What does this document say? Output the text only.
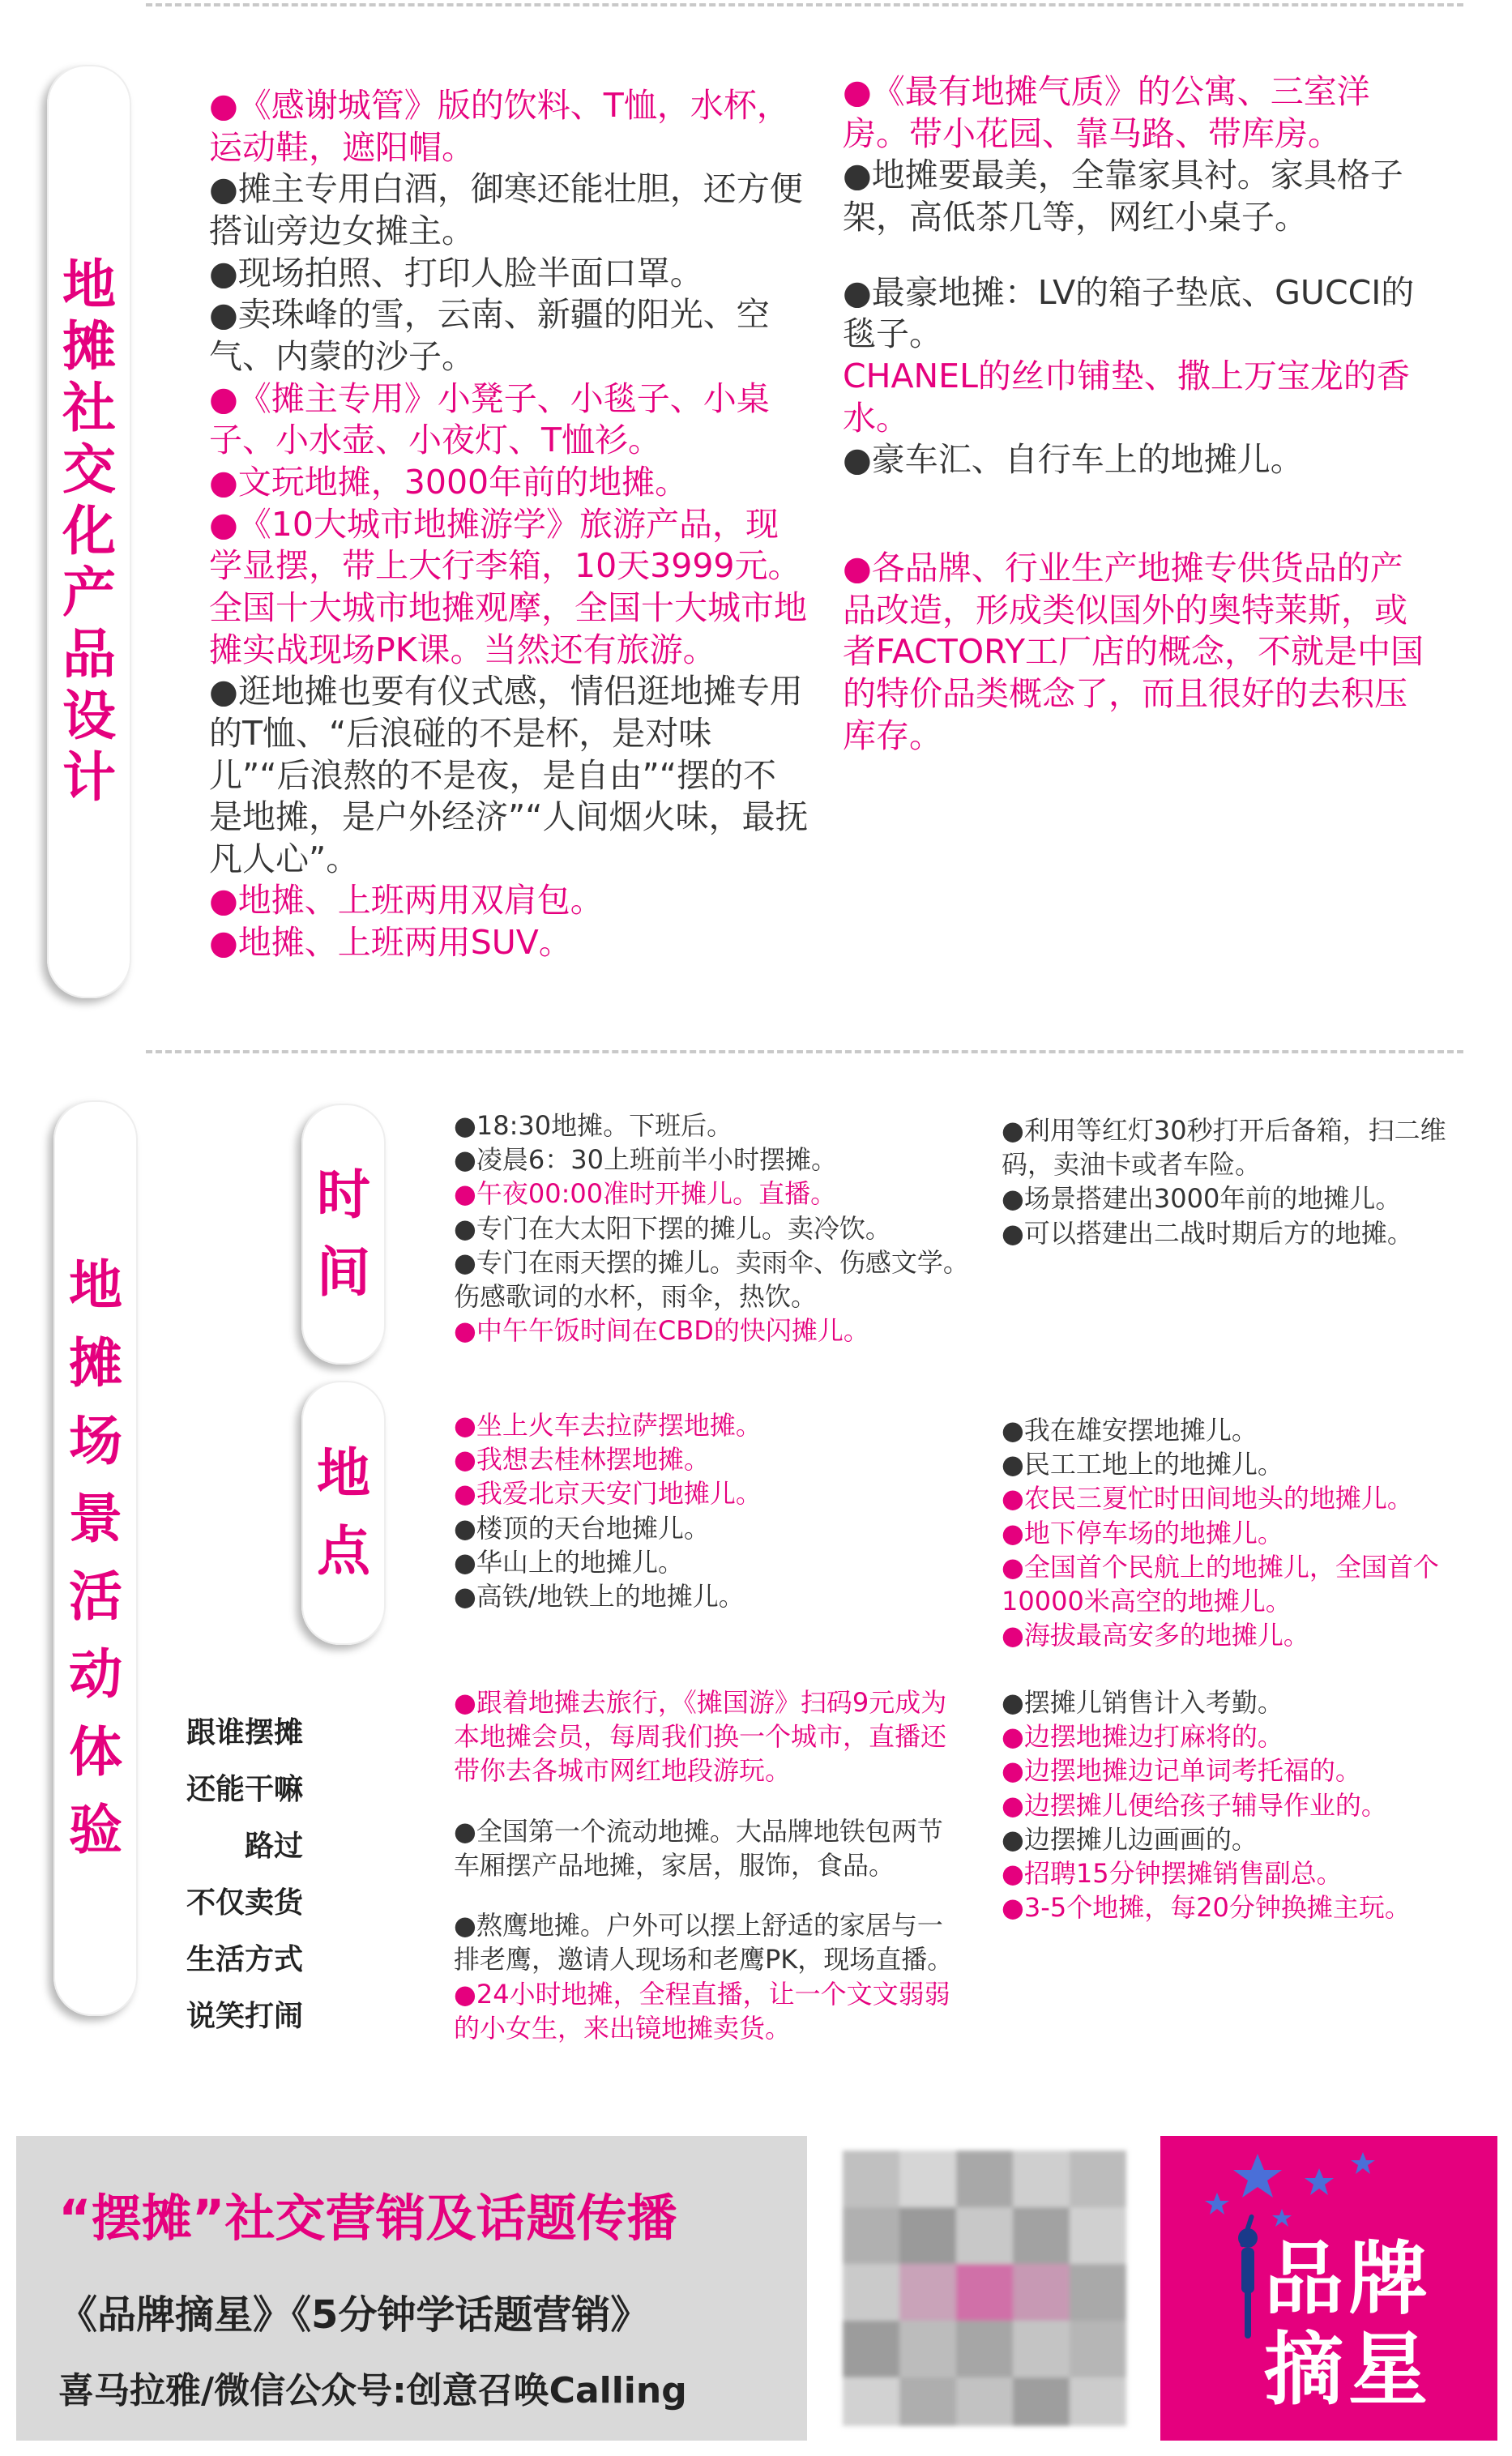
地
摊
社
交
化
产
品
设
计

●《感谢城管》版的饮料、T恤，水杯，运动鞋，遮阳帽。

●摊主专用白酒，御寒还能壮胆，还方便搭讪旁边女摊主。

●现场拍照、打印人脸半面口罩。

●卖珠峰的雪，云南、新疆的阳光、空气、内蒙的沙子。

●《摊主专用》小凳子、小毯子、小桌子、小水壶、小夜灯、T恤衫。

●文玩地摊，3000年前的地摊。

●《10大城市地摊游学》旅游产品，现学显摆，带上大行李箱，10天3999元。全国十大城市地摊观摩，全国十大城市地摊实战现场PK课。当然还有旅游。

●逛地摊也要有仪式感，情侣逛地摊专用的T恤、“后浪碰的不是杯，是对味儿”“后浪熬的不是夜，是自由”“摆的不是地摊，是户外经济”“人间烟火味，最抚凡人心”。

●地摊、上班两用双肩包。

●地摊、上班两用SUV。

●《最有地摊气质》的公寓、三室洋房。带小花园、靠马路、带库房。

●地摊要最美，全靠家具衬。家具格子架，高低茶几等，网红小桌子。

●最豪地摊：LV的箱子垫底、GUCCI的毯子。

CHANEL的丝巾铺垫、撒上万宝龙的香水。

●豪车汇、自行车上的地摊儿。

●各品牌、行业生产地摊专供货品的产品改造，形成类似国外的奥特莱斯，或者FACTORY工厂店的概念，不就是中国的特价品类概念了，而且很好的去积压库存。

地
摊
场
景
活
动
体
验
时
间
地
点
跟谁摆摊
还能干嘛
路过
不仅卖货
生活方式
说笑打闹

●18:30地摊。下班后。

●凌晨6：30上班前半小时摆摊。

●午夜00:00准时开摊儿。直播。

●专门在大太阳下摆的摊儿。卖冷饮。

●专门在雨天摆的摊儿。卖雨伞、伤感文学。伤感歌词的水杯，雨伞，热饮。

●中午午饭时间在CBD的快闪摊儿。

●利用等红灯30秒打开后备箱，扫二维码，卖油卡或者车险。

●场景搭建出3000年前的地摊儿。

●可以搭建出二战时期后方的地摊。

●坐上火车去拉萨摆地摊。

●我想去桂林摆地摊。

●我爱北京天安门地摊儿。

●楼顶的天台地摊儿。

●华山上的地摊儿。

●高铁/地铁上的地摊儿。

●我在雄安摆地摊儿。

●民工工地上的地摊儿。

●农民三夏忙时田间地头的地摊儿。

●地下停车场的地摊儿。

●全国首个民航上的地摊儿，全国首个10000米高空的地摊儿。

●海拔最高安多的地摊儿。

●跟着地摊去旅行，《摊国游》扫码9元成为本地摊会员，每周我们换一个城市，直播还带你去各城市网红地段游玩。

●全国第一个流动地摊。大品牌地铁包两节车厢摆产品地摊，家居，服饰，食品。

●熬鹰地摊。户外可以摆上舒适的家居与一排老鹰，邀请人现场和老鹰PK，现场直播。

●24小时地摊，全程直播，让一个文文弱弱的小女生，来出镜地摊卖货。

●摆摊儿销售计入考勤。

●边摆地摊边打麻将的。

●边摆地摊边记单词考托福的。

●边摆摊儿便给孩子辅导作业的。

●边摆摊儿边画画的。

●招聘15分钟摆摊销售副总。

●3-5个地摊，每20分钟换摊主玩。

“摆摊”社交营销及话题传播
《品牌摘星》《5分钟学话题营销》
喜马拉雅/微信公众号:创意召唤Calling
品牌
摘星
